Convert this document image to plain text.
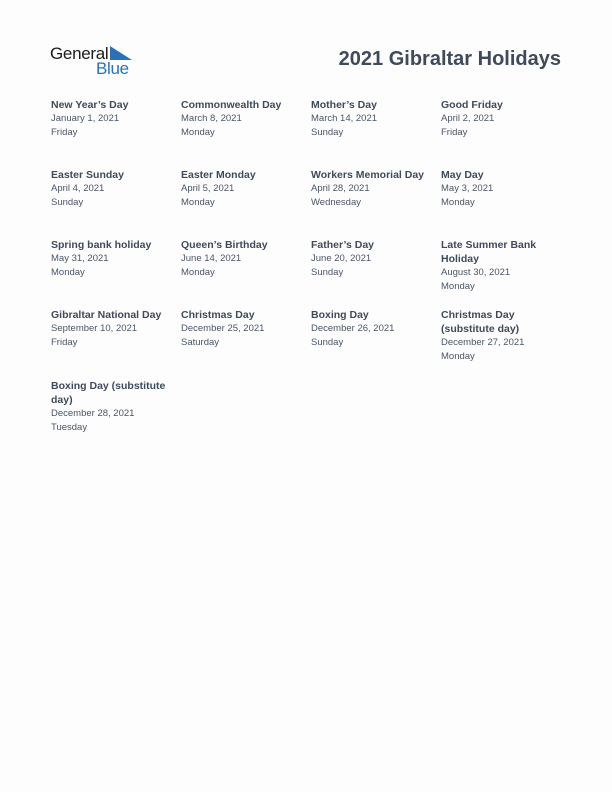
General
Blue	2021 Gibraltar Holidays
New Year’s Day
January 1, 2021
Friday
Commonwealth Day
March 8, 2021
Monday
Mother’s Day
March 14, 2021
Sunday
Good Friday
April 2, 2021
Friday
Easter Sunday
April 4, 2021
Sunday
Easter Monday
April 5, 2021
Monday
Workers Memorial Day
April 28, 2021
Wednesday
May Day
May 3, 2021
Monday
Spring bank holiday
May 31, 2021
Monday
Queen’s Birthday
June 14, 2021
Monday
Father’s Day
June 20, 2021
Sunday
Late Summer Bank Holiday
August 30, 2021
Monday
Gibraltar National Day
September 10, 2021
Friday
Christmas Day
December 25, 2021
Saturday
Boxing Day
December 26, 2021
Sunday
Christmas Day (substitute day)
December 27, 2021
Monday
Boxing Day (substitute day)
December 28, 2021
Tuesday
